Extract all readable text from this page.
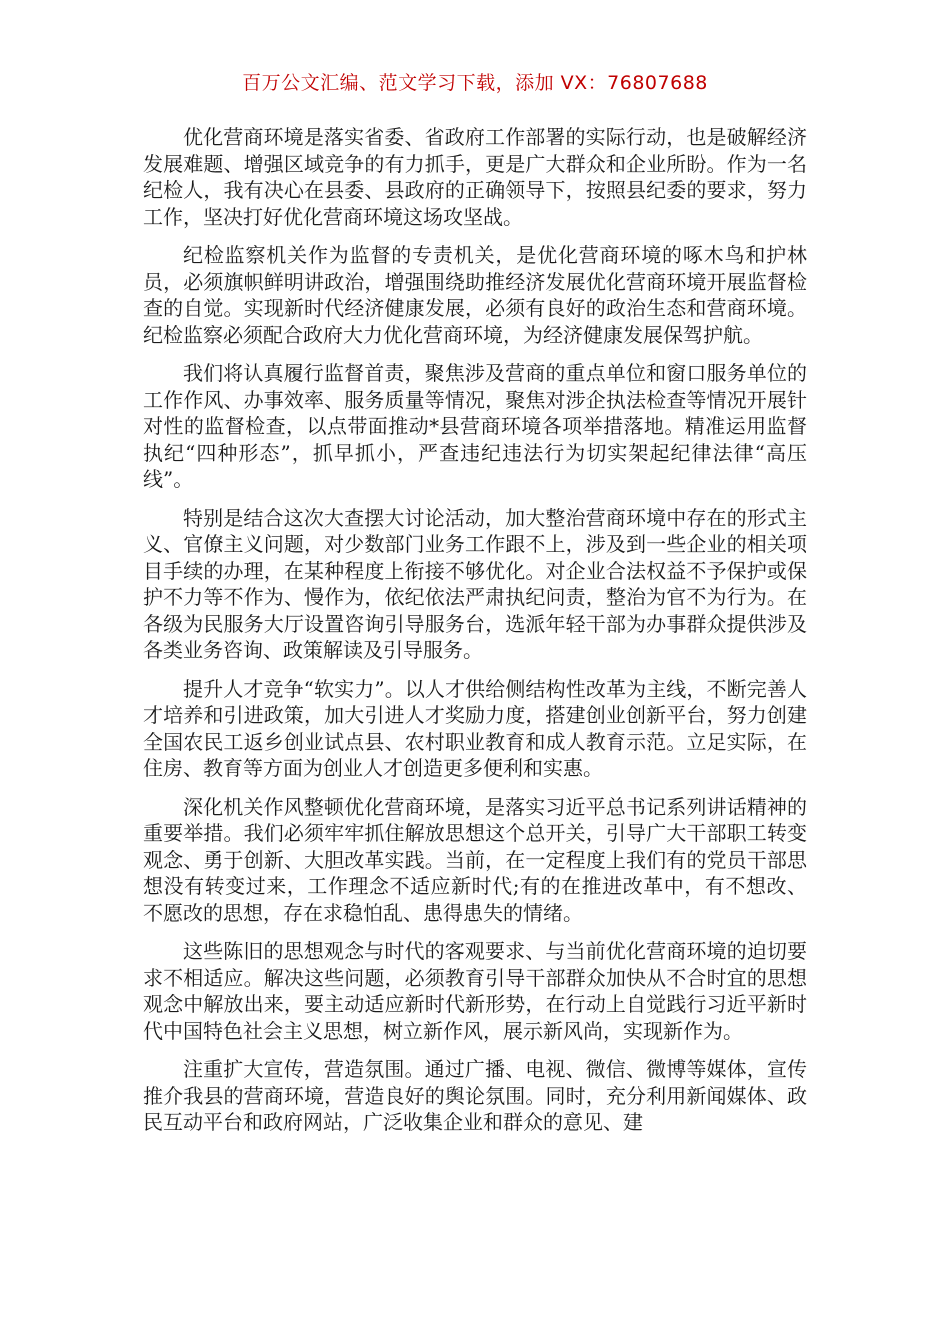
百万公文汇编、范文学习下载，添加 VX：76807688

优化营商环境是落实省委、省政府工作部署的实际行动，也是破解经济发展难题、增强区域竞争的有力抓手，更是广大群众和企业所盼。作为一名纪检人，我有决心在县委、县政府的正确领导下，按照县纪委的要求，努力工作，坚决打好优化营商环境这场攻坚战。

纪检监察机关作为监督的专责机关，是优化营商环境的啄木鸟和护林员，必须旗帜鲜明讲政治，增强围绕助推经济发展优化营商环境开展监督检查的自觉。实现新时代经济健康发展，必须有良好的政治生态和营商环境。纪检监察必须配合政府大力优化营商环境，为经济健康发展保驾护航。

我们将认真履行监督首责，聚焦涉及营商的重点单位和窗口服务单位的工作作风、办事效率、服务质量等情况，聚焦对涉企执法检查等情况开展针对性的监督检查，以点带面推动*县营商环境各项举措落地。精准运用监督执纪“四种形态”，抓早抓小，严查违纪违法行为切实架起纪律法律“高压线”。

特别是结合这次大查摆大讨论活动，加大整治营商环境中存在的形式主义、官僚主义问题，对少数部门业务工作跟不上，涉及到一些企业的相关项目手续的办理，在某种程度上衔接不够优化。对企业合法权益不予保护或保护不力等不作为、慢作为，依纪依法严肃执纪问责，整治为官不为行为。在各级为民服务大厅设置咨询引导服务台，选派年轻干部为办事群众提供涉及各类业务咨询、政策解读及引导服务。

提升人才竞争“软实力”。以人才供给侧结构性改革为主线，不断完善人才培养和引进政策，加大引进人才奖励力度，搭建创业创新平台，努力创建全国农民工返乡创业试点县、农村职业教育和成人教育示范。立足实际，在住房、教育等方面为创业人才创造更多便利和实惠。

深化机关作风整顿优化营商环境，是落实习近平总书记系列讲话精神的重要举措。我们必须牢牢抓住解放思想这个总开关，引导广大干部职工转变观念、勇于创新、大胆改革实践。当前，在一定程度上我们有的党员干部思想没有转变过来，工作理念不适应新时代;有的在推进改革中，有不想改、不愿改的思想，存在求稳怕乱、患得患失的情绪。

这些陈旧的思想观念与时代的客观要求、与当前优化营商环境的迫切要求不相适应。解决这些问题，必须教育引导干部群众加快从不合时宜的思想观念中解放出来，要主动适应新时代新形势，在行动上自觉践行习近平新时代中国特色社会主义思想，树立新作风，展示新风尚，实现新作为。

注重扩大宣传，营造氛围。通过广播、电视、微信、微博等媒体，宣传推介我县的营商环境，营造良好的舆论氛围。同时，充分利用新闻媒体、政民互动平台和政府网站，广泛收集企业和群众的意见、建
